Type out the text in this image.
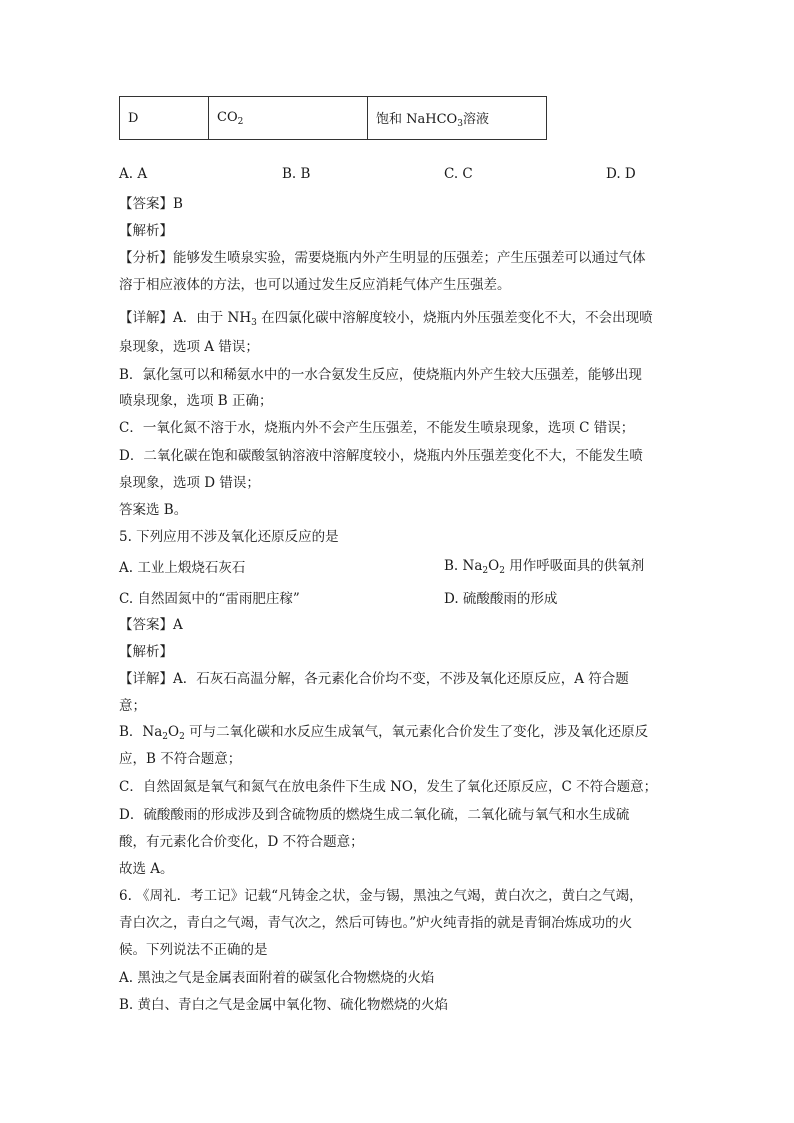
D	$CO_2$	饱和 NaHCO$_3$溶液
A. A	B. B	C. C	D. D
【答案】B
【解析】
【分析】能够发生喷泉实验，需要烧瓶内外产生明显的压强差；产生压强差可以通过气体
溶于相应液体的方法，也可以通过发生反应消耗气体产生压强差。
【详解】A．由于 $NH_3$ 在四氯化碳中溶解度较小，烧瓶内外压强差变化不大，不会出现喷
泉现象，选项 A 错误；
B．氯化氢可以和稀氨水中的一水合氨发生反应，使烧瓶内外产生较大压强差，能够出现
喷泉现象，选项 B 正确；
C．一氧化氮不溶于水，烧瓶内外不会产生压强差，不能发生喷泉现象，选项 C 错误；
D．二氧化碳在饱和碳酸氢钠溶液中溶解度较小，烧瓶内外压强差变化不大，不能发生喷
泉现象，选项 D 错误；
答案选 B。
5. 下列应用不涉及氧化还原反应的是
A. 工业上煅烧石灰石	B. $Na_2O_2$ 用作呼吸面具的供氧剂
C. 自然固氮中的“雷雨肥庄稼”	D. 硫酸酸雨的形成
【答案】A
【解析】
【详解】A．石灰石高温分解，各元素化合价均不变，不涉及氧化还原反应，A 符合题
意；
B．$Na_2O_2$ 可与二氧化碳和水反应生成氧气，氧元素化合价发生了变化，涉及氧化还原反
应，B 不符合题意；
C．自然固氮是氧气和氮气在放电条件下生成 NO，发生了氧化还原反应，C 不符合题意；
D．硫酸酸雨的形成涉及到含硫物质的燃烧生成二氧化硫，二氧化硫与氧气和水生成硫
酸，有元素化合价变化，D 不符合题意；
故选 A。
6. 《周礼．考工记》记载“凡铸金之状，金与锡，黑浊之气竭，黄白次之，黄白之气竭，
青白次之，青白之气竭，青气次之，然后可铸也。”炉火纯青指的就是青铜冶炼成功的火
候。下列说法不正确的是
A. 黑浊之气是金属表面附着的碳氢化合物燃烧的火焰
B. 黄白、青白之气是金属中氧化物、硫化物燃烧的火焰
